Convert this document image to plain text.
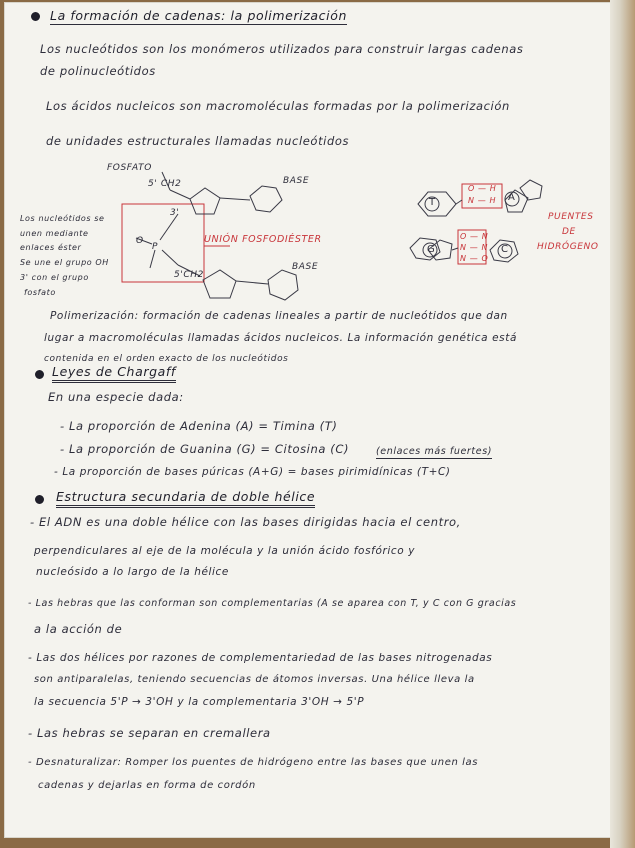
La formación de cadenas: la polimerización
Los nucleótidos son los monómeros utilizados para construir largas cadenas
de polinucleótidos
Los ácidos nucleicos son macromoléculas formadas por la polimerización
de unidades estructurales llamadas nucleótidos
FOSFATO
5' CH2	BASE
3'
O
P
5'CH2
BASE
UNIÓN FOSFODIÉSTER
Los nucleótidos se
unen mediante
enlaces éster
Se une el grupo OH
3' con el grupo
fosfato
T	A
O — H
N — H
G	C
O — N
N — N
N — O
PUENTES
DE
HIDRÓGENO
Polimerización: formación de cadenas lineales a partir de nucleótidos que dan
lugar a macromoléculas llamadas ácidos nucleicos. La información genética está
contenida en el orden exacto de los nucleótidos
Leyes de Chargaff
En una especie dada:
- La proporción de Adenina (A) = Timina (T)
- La proporción de Guanina (G) = Citosina (C)	(enlaces más fuertes)
- La proporción de bases púricas (A+G) = bases pirimidínicas (T+C)
Estructura secundaria de doble hélice
- El ADN es una doble hélice con las bases dirigidas hacia el centro,
perpendiculares al eje de la molécula y la unión ácido fosfórico y
nucleósido a lo largo de la hélice
- Las hebras que las conforman son complementarias (A se aparea con T, y C con G gracias
a la acción de
- Las dos hélices por razones de complementariedad de las bases nitrogenadas
son antiparalelas, teniendo secuencias de átomos inversas. Una hélice lleva la
la secuencia 5'P → 3'OH y la complementaria 3'OH → 5'P
- Las hebras se separan en cremallera
- Desnaturalizar: Romper los puentes de hidrógeno entre las bases que unen las
cadenas y dejarlas en forma de cordón
